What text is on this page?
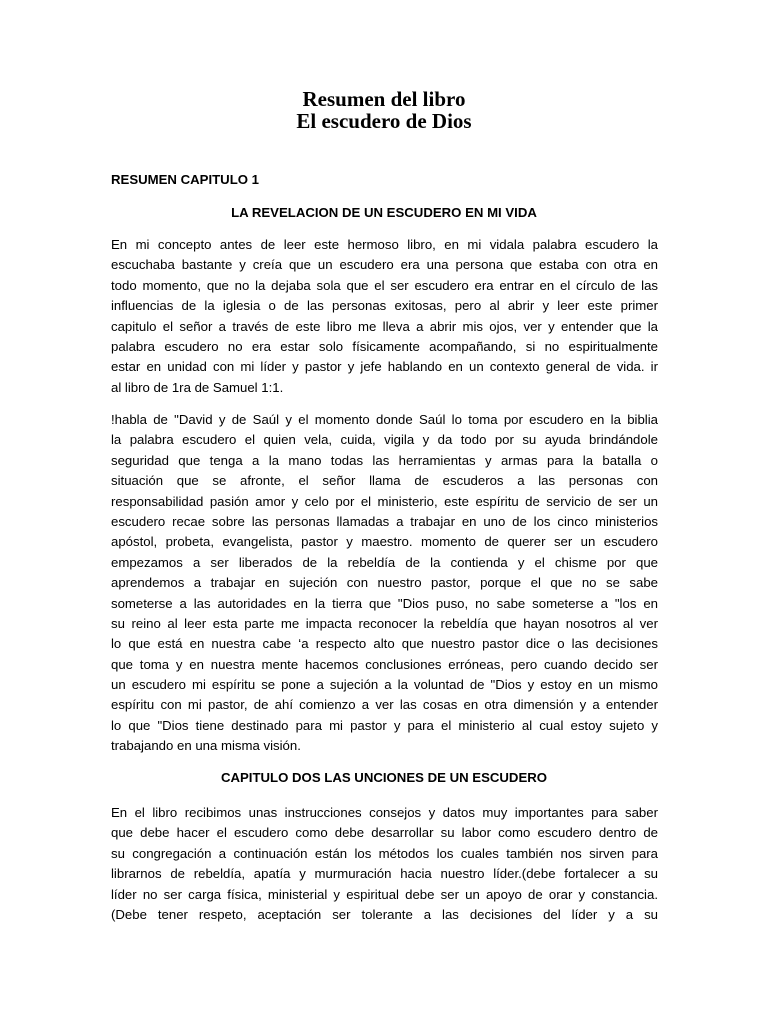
Resumen del libro
El escudero de Dios
RESUMEN CAPITULO 1
LA REVELACION DE UN ESCUDERO EN MI VIDA
En mi concepto antes de leer este hermoso libro, en mi vidala palabra escudero la
escuchaba bastante y creía que un escudero era una persona que estaba con otra en
todo momento, que no la dejaba sola que el ser escudero era entrar en el círculo de las
influencias de la iglesia o de las personas exitosas, pero al abrir y leer este primer
capitulo el señor a través de este libro me lleva a abrir mis ojos, ver y entender que la
palabra escudero no era estar solo físicamente acompañando, si no espiritualmente
estar en unidad con mi líder y pastor y jefe hablando en un contexto general de vida. ir
al libro de 1ra de Samuel 1:1.
!habla de "David y de Saúl y el momento donde Saúl lo toma por escudero en la biblia
la palabra escudero el quien vela, cuida, vigila y da todo por su ayuda brindándole
seguridad que tenga a la mano todas las herramientas y armas para la batalla o
situación que se afronte, el señor llama de escuderos a las personas con
responsabilidad pasión amor y celo por el ministerio, este espíritu de servicio de ser un
escudero recae sobre las personas llamadas a trabajar en uno de los cinco ministerios
apóstol, probeta, evangelista, pastor y maestro. momento de querer ser un escudero
empezamos a ser liberados de la rebeldía de la contienda y el chisme por que
aprendemos a trabajar en sujeción con nuestro pastor, porque el que no se sabe
someterse a las autoridades en la tierra que "Dios puso, no sabe someterse a "los en
su reino al leer esta parte me impacta reconocer la rebeldía que hayan nosotros al ver
lo que está en nuestra cabe ‘a respecto alto que nuestro pastor dice o las decisiones
que toma y en nuestra mente hacemos conclusiones erróneas, pero cuando decido ser
un escudero mi espíritu se pone a sujeción a la voluntad de "Dios y estoy en un mismo
espíritu con mi pastor, de ahí comienzo a ver las cosas en otra dimensión y a entender
lo que "Dios tiene destinado para mi pastor y para el ministerio al cual estoy sujeto y
trabajando en una misma visión.
CAPITULO DOS LAS UNCIONES DE UN ESCUDERO
En el libro recibimos unas instrucciones consejos y datos muy importantes para saber
que debe hacer el escudero como debe desarrollar su labor como escudero dentro de
su congregación a continuación están los métodos los cuales también nos sirven para
librarnos de rebeldía, apatía y murmuración hacia nuestro líder.(debe fortalecer a su
líder no ser carga física, ministerial y espiritual debe ser un apoyo de orar y constancia.
(Debe tener respeto, aceptación ser tolerante a las decisiones del líder y a su
